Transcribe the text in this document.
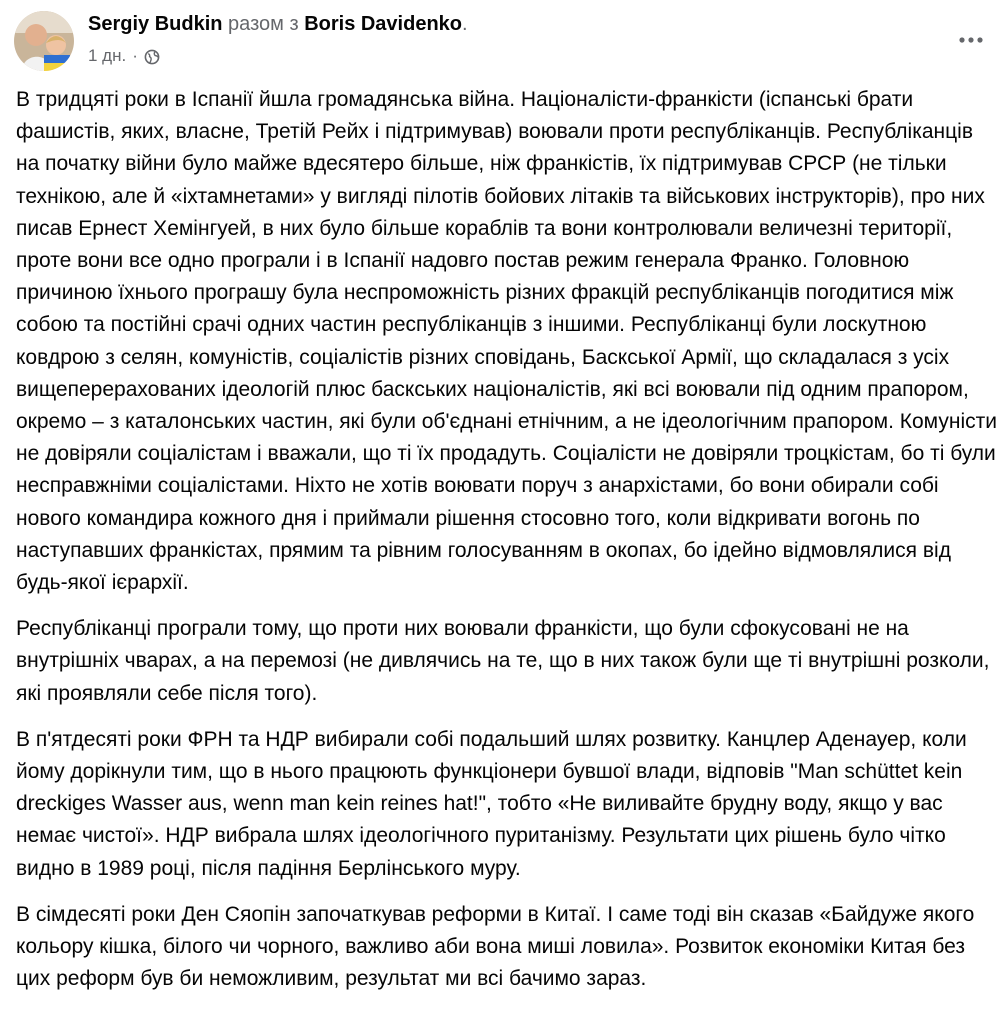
Sergiy Budkin разом з Boris Davidenko.
1 дн. ·

В тридцяті роки в Іспанії йшла громадянська війна. Націоналісти-франкісти (іспанські брати фашистів, яких, власне, Третій Рейх і підтримував) воювали проти республіканців. Республіканців на початку війни було майже вдесятеро більше, ніж франкістів, їх підтримував СРСР (не тільки технікою, але й «іхтамнетами» у вигляді пілотів бойових літаків та військових інструкторів), про них писав Ернест Хемінгуей, в них було більше кораблів та вони контролювали величезні території, проте вони все одно програли і в Іспанії надовго постав режим генерала Франко. Головною причиною їхнього програшу була неспроможність різних фракцій республіканців погодитися між собою та постійні срачі одних частин республіканців з іншими. Республіканці були лоскутною ковдрою з селян, комуністів, соціалістів різних сповідань, Баскської Армії, що складалася з усіх вищеперерахованих ідеологій плюс баскських націоналістів, які всі воювали під одним прапором, окремо – з каталонських частин, які були об'єднані етнічним, а не ідеологічним прапором. Комуністи не довіряли соціалістам і вважали, що ті їх продадуть. Соціалісти не довіряли троцкістам, бо ті були несправжніми соціалістами. Ніхто не хотів воювати поруч з анархістами, бо вони обирали собі нового командира кожного дня і приймали рішення стосовно того, коли відкривати вогонь по наступавших франкістах, прямим та рівним голосуванням в окопах, бо ідейно відмовлялися від будь-якої ієрархії.

Республіканці програли тому, що проти них воювали франкісти, що були сфокусовані не на внутрішніх чварах, а на перемозі (не дивлячись на те, що в них також були ще ті внутрішні розколи, які проявляли себе після того).

В п'ятдесяті роки ФРН та НДР вибирали собі подальший шлях розвитку. Канцлер Аденауер, коли йому дорікнули тим, що в нього працюють функціонери бувшої влади, відповів "Man schüttet kein dreckiges Wasser aus, wenn man kein reines hat!", тобто «Не виливайте брудну воду, якщо у вас немає чистої». НДР вибрала шлях ідеологічного пуританізму. Результати цих рішень було чітко видно в 1989 році, після падіння Берлінського муру.

В сімдесяті роки Ден Сяопін започаткував реформи в Китаї. І саме тоді він сказав «Байдуже якого кольору кішка, білого чи чорного, важливо аби вона миші ловила». Розвиток економіки Китая без цих реформ був би неможливим, результат ми всі бачимо зараз.
